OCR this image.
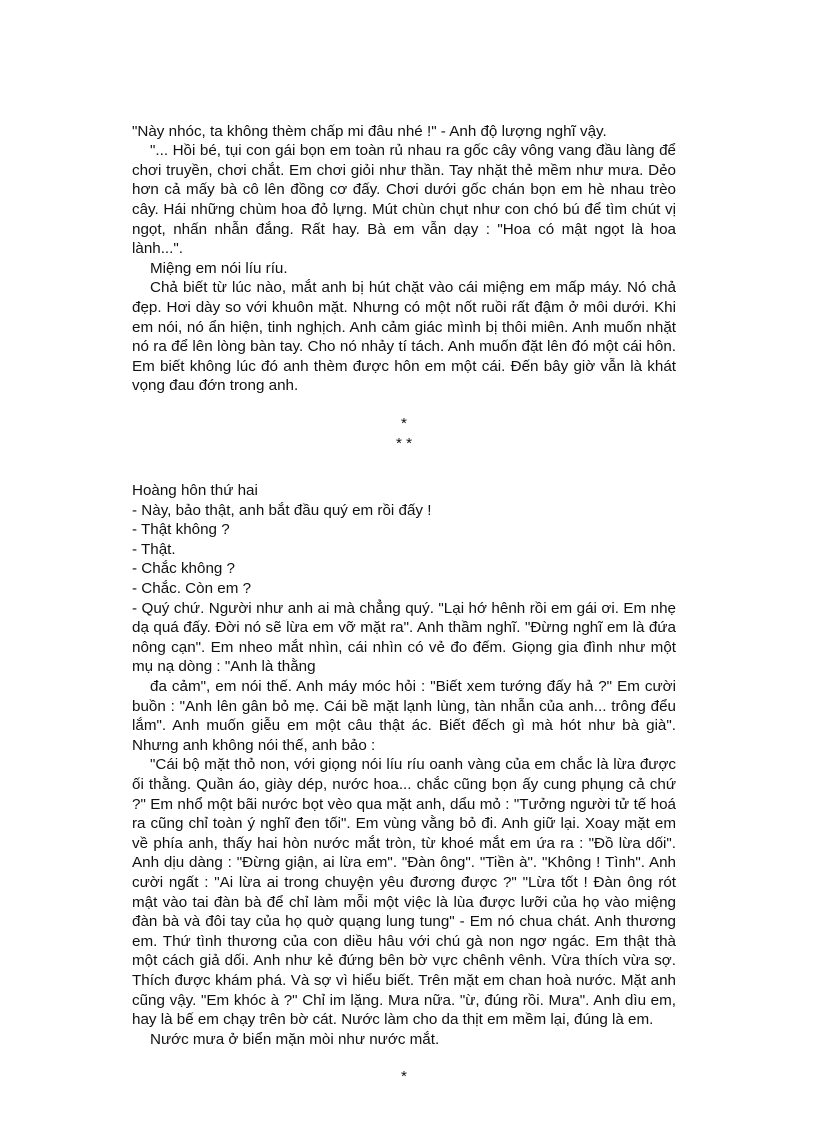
"Này nhóc, ta không thèm chấp mi đâu nhé !" - Anh độ lượng nghĩ vậy.

"... Hồi bé, tụi con gái bọn em toàn rủ nhau ra gốc cây vông vang đầu làng để chơi truyền, chơi chắt. Em chơi giỏi như thần. Tay nhặt thẻ mềm như mưa. Dẻo hơn cả mấy bà cô lên đồng cơ đấy. Chơi dưới gốc chán bọn em hè nhau trèo cây. Hái những chùm hoa đỏ lựng. Mút chùn chụt như con chó bú để tìm chút vị ngọt, nhấn nhẫn đắng. Rất hay. Bà em vẫn dạy : "Hoa có mật ngọt là hoa lành...".

Miệng em nói líu ríu.

Chả biết từ lúc nào, mắt anh bị hút chặt vào cái miệng em mấp máy. Nó chả đẹp. Hơi dày so với khuôn mặt. Nhưng có một nốt ruồi rất đậm ở môi dưới. Khi em nói, nó ẩn hiện, tinh nghịch. Anh cảm giác mình bị thôi miên. Anh muốn nhặt nó ra để lên lòng bàn tay. Cho nó nhảy tí tách. Anh muốn đặt lên đó một cái hôn. Em biết không lúc đó anh thèm được hôn em một cái. Đến bây giờ vẫn là khát vọng đau đớn trong anh.

*

* *

Hoàng hôn thứ hai

- Này, bảo thật, anh bắt đầu quý em rồi đấy !

- Thật không ?

- Thật.

- Chắc không ?

- Chắc. Còn em ?

- Quý chứ. Người như anh ai mà chẳng quý. "Lại hớ hênh rồi em gái ơi. Em nhẹ dạ quá đấy. Đời nó sẽ lừa em vỡ mặt ra". Anh thầm nghĩ. "Đừng nghĩ em là đứa nông cạn". Em nheo mắt nhìn, cái nhìn có vẻ đo đếm. Giọng gia đình như một mụ nạ dòng : "Anh là thằng

đa cảm", em nói thế. Anh máy móc hỏi : "Biết xem tướng đấy hả ?" Em cười buồn : "Anh lên gân bỏ mẹ. Cái bề mặt lạnh lùng, tàn nhẫn của anh... trông đểu lắm". Anh muốn giễu em một câu thật ác. Biết đếch gì mà hót như bà già". Nhưng anh không nói thế, anh bảo :

"Cái bộ mặt thỏ non, với giọng nói líu ríu oanh vàng của em chắc là lừa được ối thằng. Quần áo, giày dép, nước hoa... chắc cũng bọn ấy cung phụng cả chứ ?" Em nhổ một bãi nước bọt vèo qua mặt anh, dẩu mỏ : "Tưởng người tử tế hoá ra cũng chỉ toàn ý nghĩ đen tối". Em vùng vằng bỏ đi. Anh giữ lại. Xoay mặt em về phía anh, thấy hai hòn nước mắt tròn, từ khoé mắt em ứa ra : "Đồ lừa dối". Anh dịu dàng : "Đừng giận, ai lừa em". "Đàn ông". "Tiền à". "Không ! Tình". Anh cười ngất : "Ai lừa ai trong chuyện yêu đương được ?" "Lừa tốt ! Đàn ông rót mật vào tai đàn bà để chỉ làm mỗi một việc là lùa được lưỡi của họ vào miệng đàn bà và đôi tay của họ quờ quạng lung tung" - Em nó chua chát. Anh thương em. Thứ tình thương của con diều hâu với chú gà non ngơ ngác. Em thật thà một cách giả dối. Anh như kẻ đứng bên bờ vực chênh vênh. Vừa thích vừa sợ. Thích được khám phá. Và sợ vì hiểu biết. Trên mặt em chan hoà nước. Mặt anh cũng vậy. "Em khóc à ?" Chỉ im lặng. Mưa nữa. "ừ, đúng rồi. Mưa". Anh dìu em, hay là bế em chạy trên bờ cát. Nước làm cho da thịt em mềm lại, đúng là em.

Nước mưa ở biển mặn mòi như nước mắt.

*
